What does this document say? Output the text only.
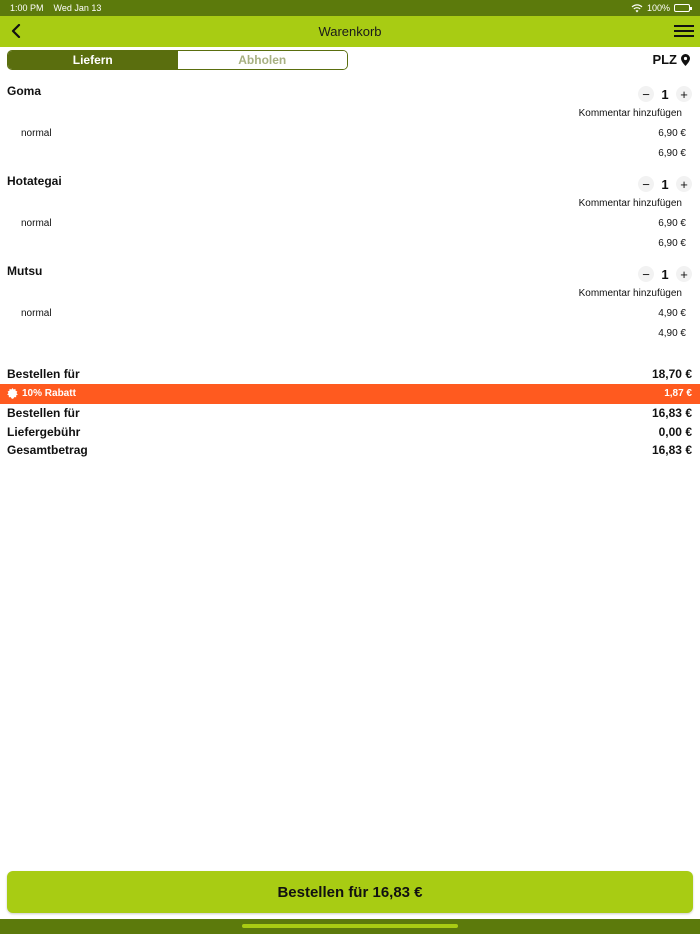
1:00 PM Wed Jan 13	100%
Warenkorb
Liefern	Abholen	PLZ
Goma	− 1 +
Kommentar hinzufügen
normal	6,90 €
6,90 €
Hotategai	− 1 +
Kommentar hinzufügen
normal	6,90 €
6,90 €
Mutsu	− 1 +
Kommentar hinzufügen
normal	4,90 €
4,90 €
Bestellen für	18,70 €
10% Rabatt	1,87 €
Bestellen für	16,83 €
Liefergebühr	0,00 €
Gesamtbetrag	16,83 €
Bestellen für 16,83 €
